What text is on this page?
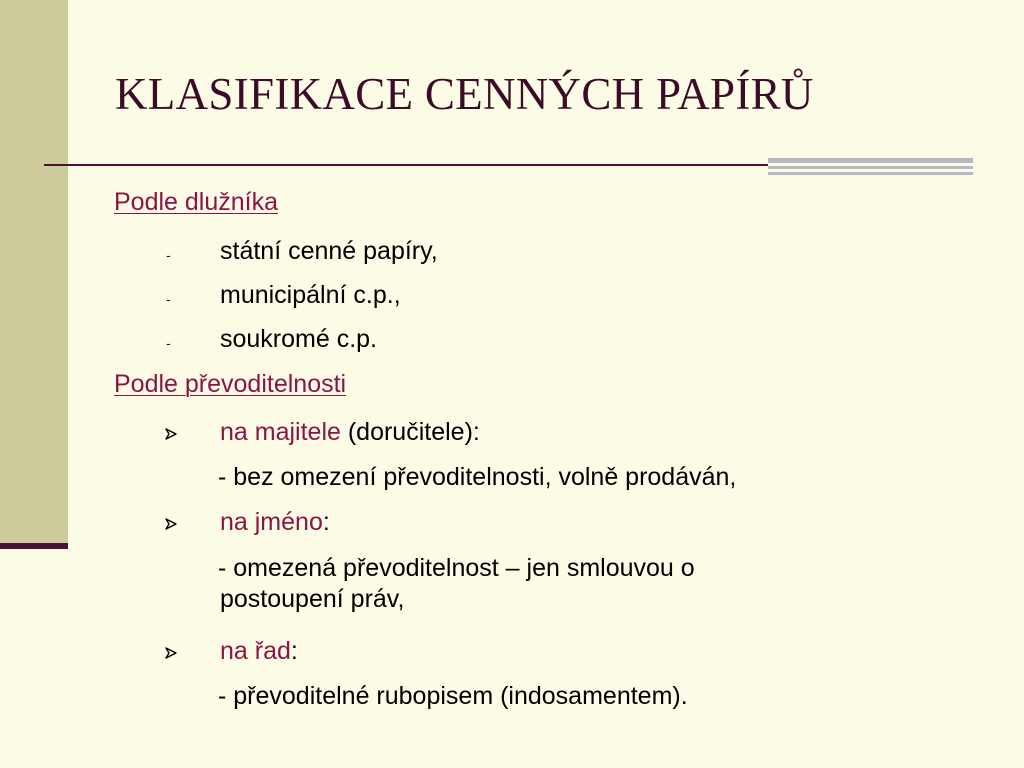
KLASIFIKACE CENNÝCH PAPÍRŮ
Podle dlužníka
- státní cenné papíry,
- municipální c.p.,
- soukromé c.p.
Podle převoditelnosti
na majitele (doručitele):
- bez omezení převoditelnosti, volně prodáván,
na jméno:
- omezená převoditelnost – jen smlouvou o
postoupení práv,
na řad:
- převoditelné rubopisem (indosamentem).
